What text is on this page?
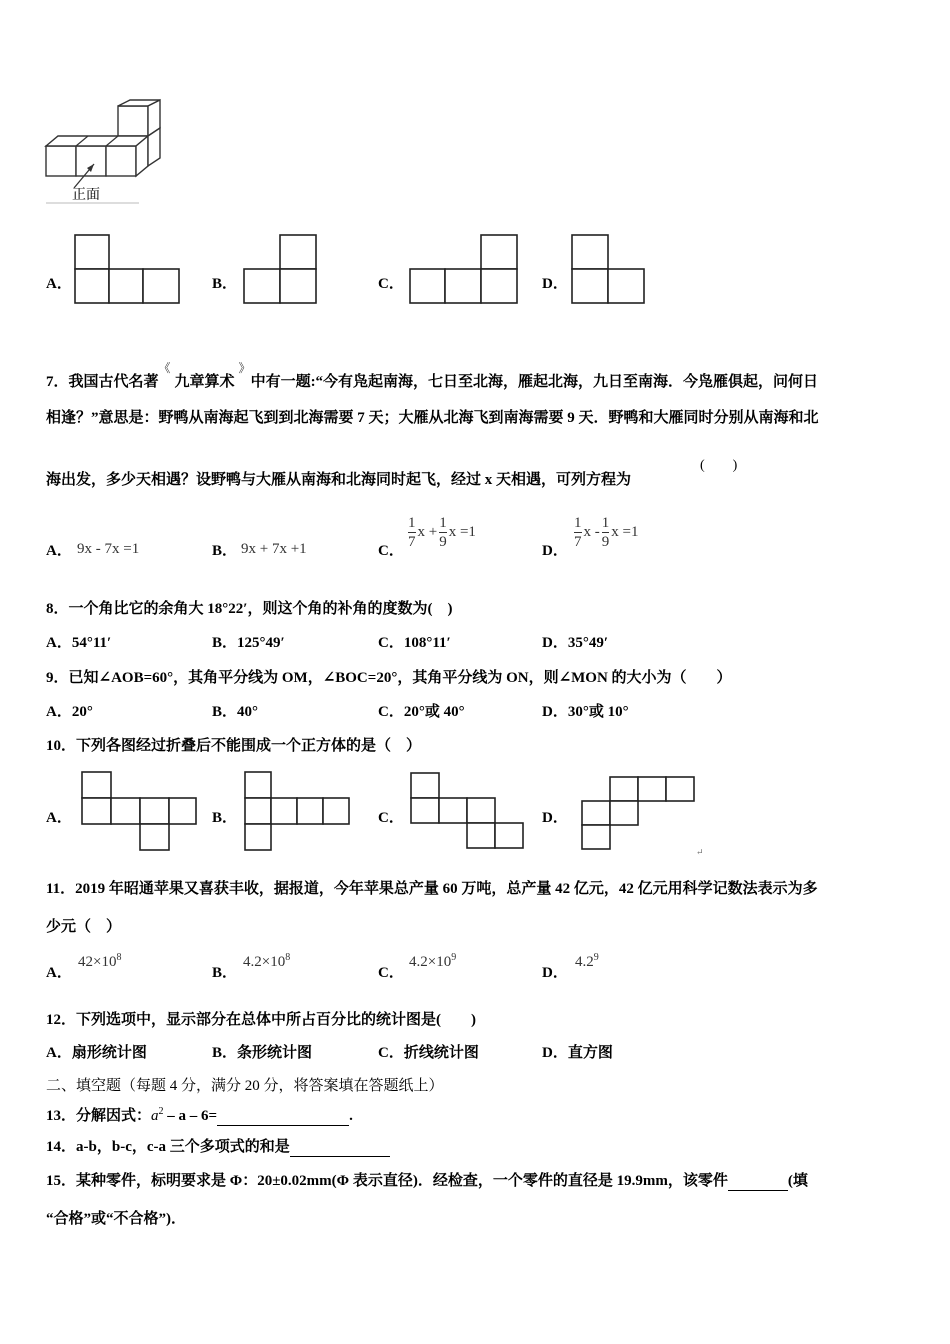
正面
A．	B．	C．	D．
7．我国古代名著《九章算术》中有一题:“今有凫起南海，七日至北海，雁起北海，九日至南海．今凫雁俱起，问何日
相逢？”意思是：野鸭从南海起飞到到北海需要 7 天；大雁从北海飞到南海需要 9 天．野鸭和大雁同时分别从南海和北
海出发，多少天相遇？设野鸭与大雁从南海和北海同时起飞，经过 x 天相遇，可列方程为
(　　)
A． 9x - 7x =1	B． 9x + 7x +1	C． $\frac{1}{7}$ $x + \frac{1}{9}$ x =1
D． $\frac{1}{7}$ x - $\frac{1}{9}$ x =1
8．一个角比它的余角大 18°22′，则这个角的补角的度数为(　)
A．54°11′	B．125°49′	C．108°11′	D．35°49′
9．已知∠AOB=60°，其角平分线为 OM，∠BOC=20°，其角平分线为 ON，则∠MON 的大小为（　　）
A．20°	B．40°	C．20°或 40°	D．30°或 10°
10．下列各图经过折叠后不能围成一个正方体的是（　）
A．	B．	C．	D．
↵
11．2019 年昭通苹果又喜获丰收，据报道，今年苹果总产量 60 万吨，总产量 42 亿元，42 亿元用科学记数法表示为多
少元（　）
A．
$42\times 10^8$
B．
$4.2\times 10^8$
C．
$4.2\times 10^9$
D．
$4.2^9$
12．下列选项中，显示部分在总体中所占百分比的统计图是(　　)
A．扇形统计图	B．条形统计图	C．折线统计图	D．直方图
二、填空题（每题 4 分，满分 20 分，将答案填在答题纸上）
13．分解因式：$a^2 - a - 6=$	.
14．a-b，b-c，c-a 三个多项式的和是
15．某种零件，标明要求是 Φ：20±0.02mm(Φ 表示直径)．经检查，一个零件的直径是 19.9mm，该零件	(填
“合格”或“不合格”)．
